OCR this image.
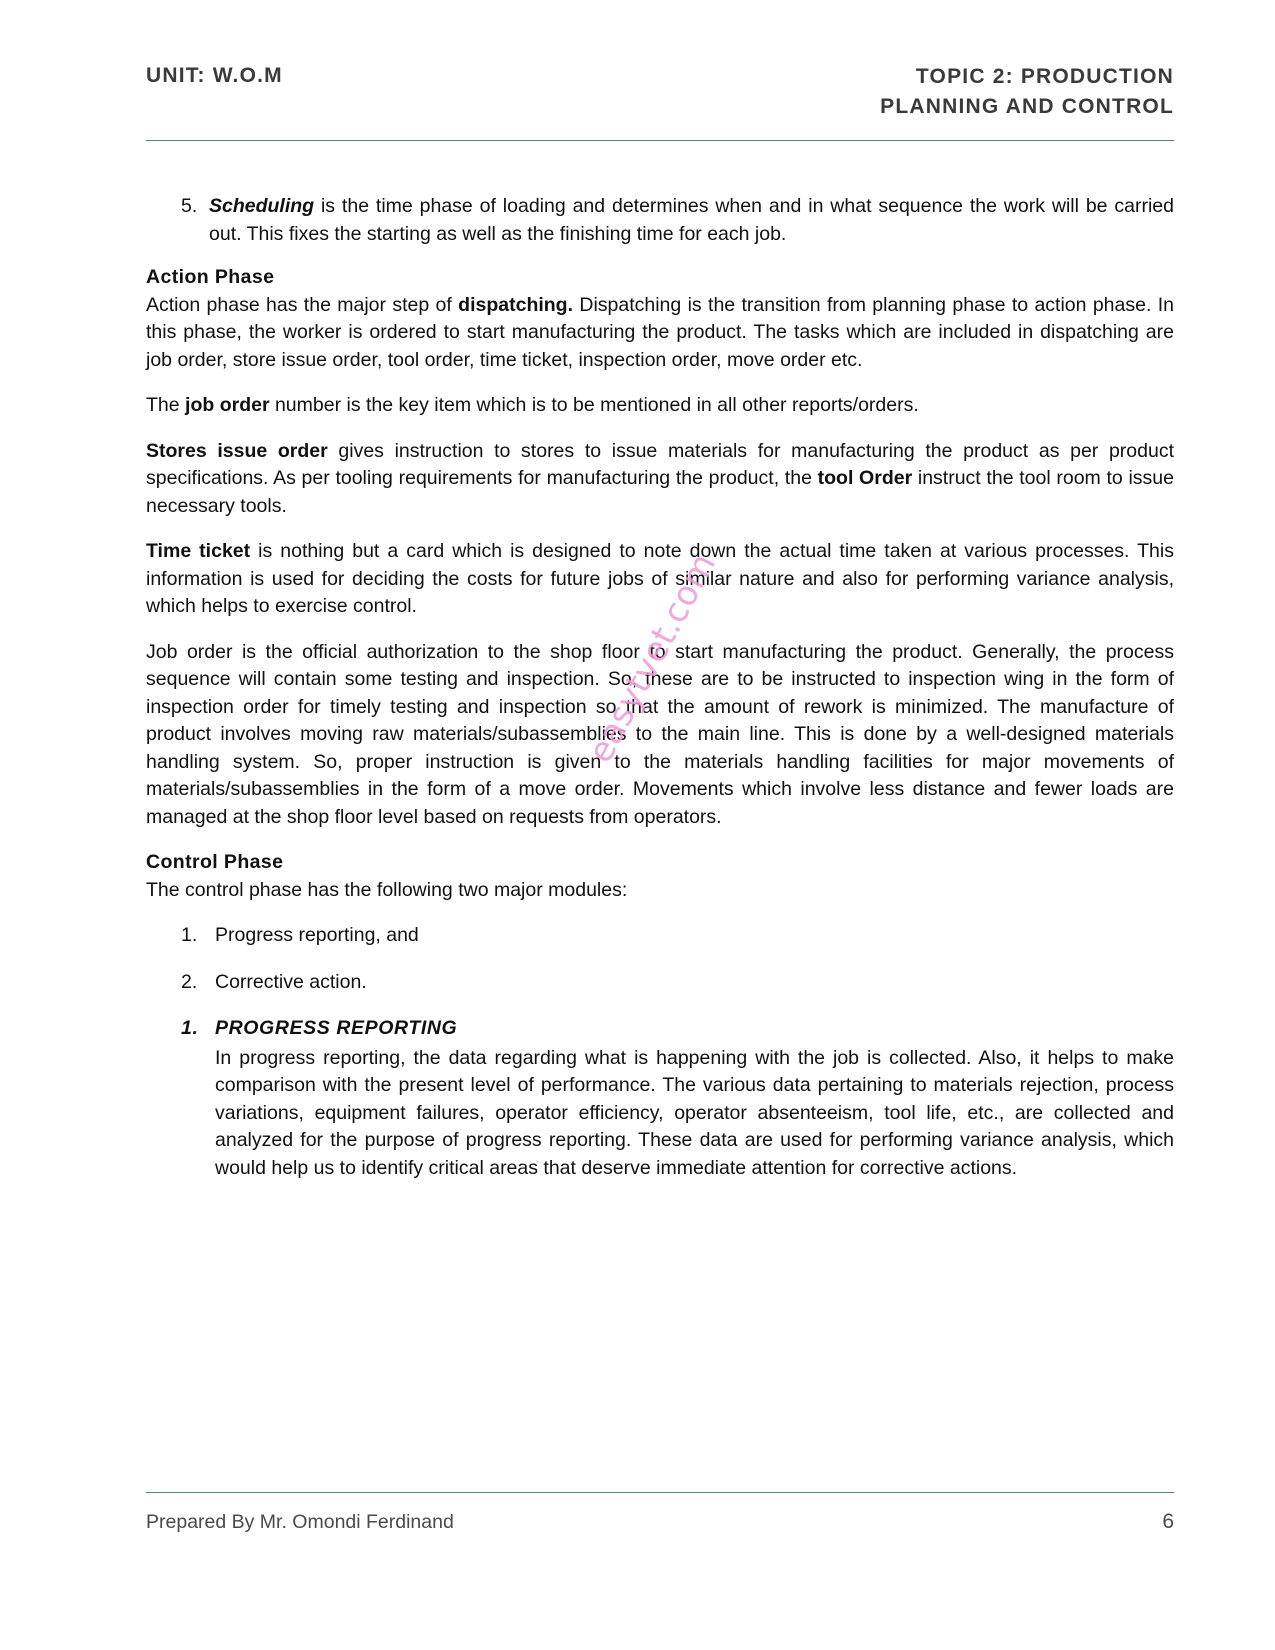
UNIT: W.O.M	TOPIC 2: PRODUCTION
PLANNING AND CONTROL
5. Scheduling is the time phase of loading and determines when and in what sequence the work will be carried out. This fixes the starting as well as the finishing time for each job.
Action Phase

Action phase has the major step of dispatching. Dispatching is the transition from planning phase to action phase. In this phase, the worker is ordered to start manufacturing the product. The tasks which are included in dispatching are job order, store issue order, tool order, time ticket, inspection order, move order etc.

The job order number is the key item which is to be mentioned in all other reports/orders.

Stores issue order gives instruction to stores to issue materials for manufacturing the product as per product specifications. As per tooling requirements for manufacturing the product, the tool Order instruct the tool room to issue necessary tools.

Time ticket is nothing but a card which is designed to note down the actual time taken at various processes. This information is used for deciding the costs for future jobs of similar nature and also for performing variance analysis, which helps to exercise control.

Job order is the official authorization to the shop floor to start manufacturing the product. Generally, the process sequence will contain some testing and inspection. So, these are to be instructed to inspection wing in the form of inspection order for timely testing and inspection so that the amount of rework is minimized. The manufacture of product involves moving raw materials/subassemblies to the main line. This is done by a well-designed materials handling system. So, proper instruction is given to the materials handling facilities for major movements of materials/subassemblies in the form of a move order. Movements which involve less distance and fewer loads are managed at the shop floor level based on requests from operators.

Control Phase

The control phase has the following two major modules:

1. Progress reporting, and
2. Corrective action.
1. PROGRESS REPORTING

In progress reporting, the data regarding what is happening with the job is collected. Also, it helps to make comparison with the present level of performance. The various data pertaining to materials rejection, process variations, equipment failures, operator efficiency, operator absenteeism, tool life, etc., are collected and analyzed for the purpose of progress reporting. These data are used for performing variance analysis, which would help us to identify critical areas that deserve immediate attention for corrective actions.

easytvet.com
Prepared By Mr. Omondi Ferdinand	6
